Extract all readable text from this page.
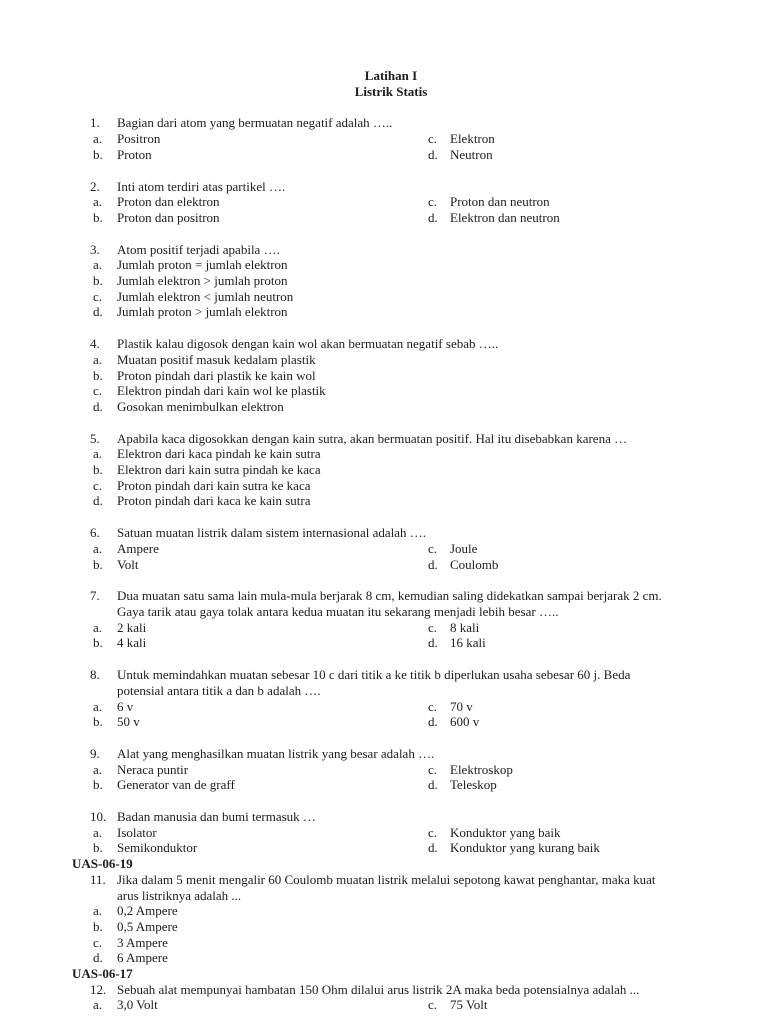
Latihan I
Listrik Statis
1.	Bagian dari atom yang bermuatan negatif adalah …..
a.	Positron	c. Elektron
b.	Proton	d. Neutron
2.	Inti atom terdiri atas partikel ….
a.	Proton dan elektron	c. Proton dan neutron
b.	Proton dan positron	d. Elektron dan neutron
3.	Atom positif terjadi apabila ….
a.	Jumlah proton = jumlah elektron
b.	Jumlah elektron > jumlah proton
c.	Jumlah elektron < jumlah neutron
d.	Jumlah proton > jumlah elektron
4.	Plastik kalau digosok dengan kain wol akan bermuatan negatif sebab …..
a.	Muatan positif masuk kedalam plastik
b.	Proton pindah dari plastik ke kain wol
c.	Elektron pindah dari kain wol ke plastik
d.	Gosokan menimbulkan elektron
5.	Apabila kaca digosokkan dengan kain sutra, akan bermuatan positif. Hal itu disebabkan karena …
a.	Elektron dari kaca pindah ke kain sutra
b.	Elektron dari kain sutra pindah ke kaca
c.	Proton pindah dari kain sutra ke kaca
d.	Proton pindah dari kaca ke kain sutra
6.	Satuan muatan listrik dalam sistem internasional adalah ….
a.	Ampere	c. Joule
b.	Volt	d. Coulomb
7.	Dua muatan satu sama lain mula-mula berjarak 8 cm, kemudian saling didekatkan sampai berjarak 2 cm.
Gaya tarik atau gaya tolak antara kedua muatan itu sekarang menjadi lebih besar …..
a.	2 kali	c. 8 kali
b.	4 kali	d. 16 kali
8.	Untuk memindahkan muatan sebesar 10 c dari titik a ke titik b diperlukan usaha sebesar 60 j. Beda
potensial antara titik a dan b adalah ….
a.	6 v	c. 70 v
b.	50 v	d. 600 v
9.	Alat yang menghasilkan muatan listrik yang besar adalah ….
a.	Neraca puntir	c. Elektroskop
b.	Generator van de graff	d. Teleskop
10. Badan manusia dan bumi termasuk …
a.	Isolator	c. Konduktor yang baik
b.	Semikonduktor	d. Konduktor yang kurang baik
UAS-06-19
11. Jika dalam 5 menit mengalir 60 Coulomb muatan listrik melalui sepotong kawat penghantar, maka kuat
arus listriknya adalah ...
a.	0,2 Ampere
b.	0,5 Ampere
c.	3 Ampere
d.	6 Ampere
UAS-06-17
12. Sebuah alat mempunyai hambatan 150 Ohm dilalui arus listrik 2A maka beda potensialnya adalah ...
a.	3,0 Volt	c. 75 Volt
